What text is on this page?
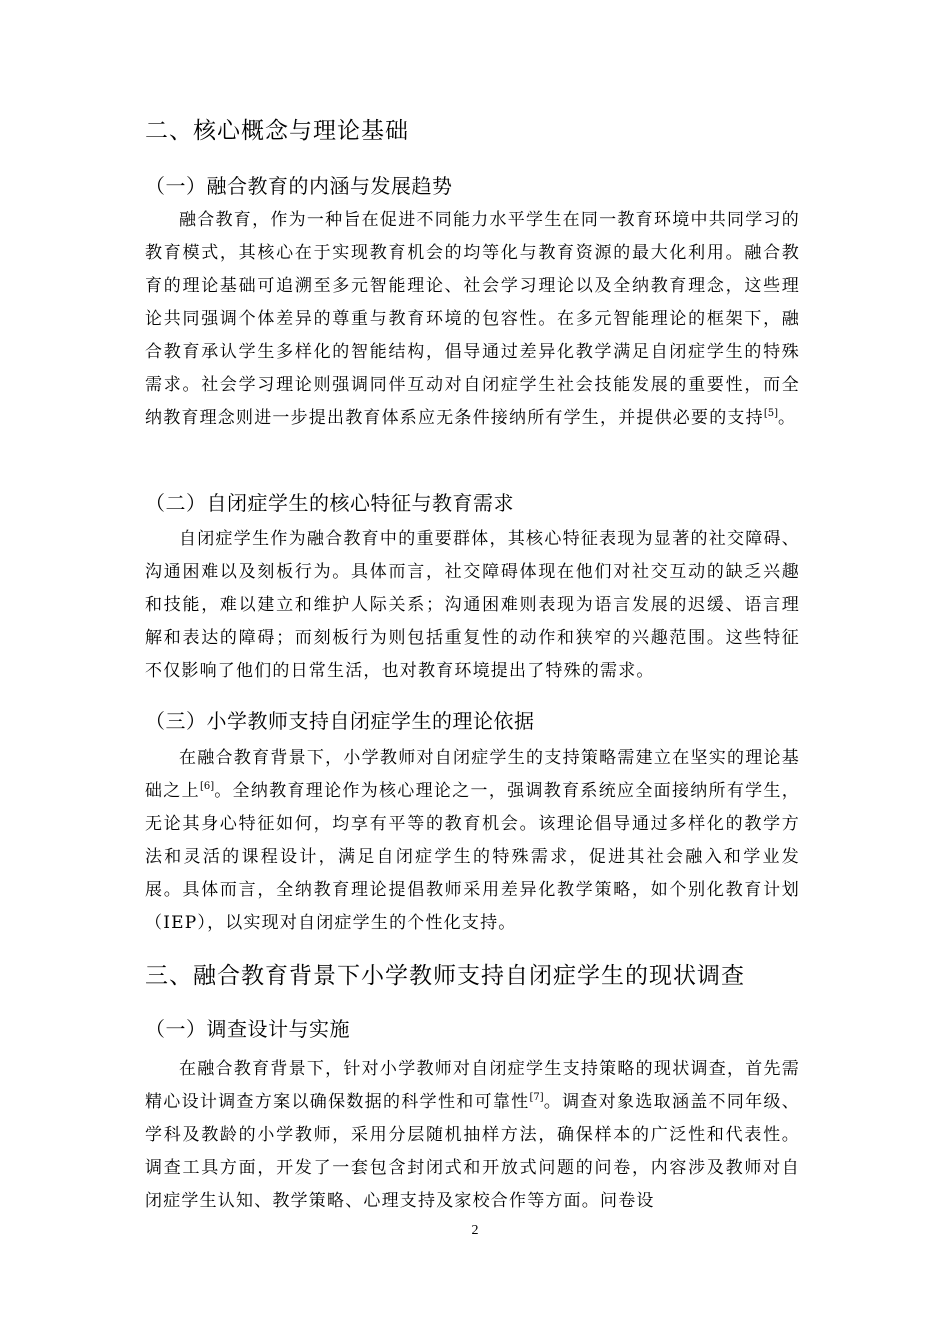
二、核心概念与理论基础
（一）融合教育的内涵与发展趋势
融合教育，作为一种旨在促进不同能力水平学生在同一教育环境中共同学习的教育模式，其核心在于实现教育机会的均等化与教育资源的最大化利用。融合教育的理论基础可追溯至多元智能理论、社会学习理论以及全纳教育理念，这些理论共同强调个体差异的尊重与教育环境的包容性。在多元智能理论的框架下，融合教育承认学生多样化的智能结构，倡导通过差异化教学满足自闭症学生的特殊需求。社会学习理论则强调同伴互动对自闭症学生社会技能发展的重要性，而全纳教育理念则进一步提出教育体系应无条件接纳所有学生，并提供必要的支持[5]。
（二）自闭症学生的核心特征与教育需求
自闭症学生作为融合教育中的重要群体，其核心特征表现为显著的社交障碍、沟通困难以及刻板行为。具体而言，社交障碍体现在他们对社交互动的缺乏兴趣和技能，难以建立和维护人际关系；沟通困难则表现为语言发展的迟缓、语言理解和表达的障碍；而刻板行为则包括重复性的动作和狭窄的兴趣范围。这些特征不仅影响了他们的日常生活，也对教育环境提出了特殊的需求。
（三）小学教师支持自闭症学生的理论依据
在融合教育背景下，小学教师对自闭症学生的支持策略需建立在坚实的理论基础之上[6]。全纳教育理论作为核心理论之一，强调教育系统应全面接纳所有学生，无论其身心特征如何，均享有平等的教育机会。该理论倡导通过多样化的教学方法和灵活的课程设计，满足自闭症学生的特殊需求，促进其社会融入和学业发展。具体而言，全纳教育理论提倡教师采用差异化教学策略，如个别化教育计划（IEP），以实现对自闭症学生的个性化支持。
三、融合教育背景下小学教师支持自闭症学生的现状调查
（一）调查设计与实施
在融合教育背景下，针对小学教师对自闭症学生支持策略的现状调查，首先需精心设计调查方案以确保数据的科学性和可靠性[7]。调查对象选取涵盖不同年级、学科及教龄的小学教师，采用分层随机抽样方法，确保样本的广泛性和代表性。调查工具方面，开发了一套包含封闭式和开放式问题的问卷，内容涉及教师对自闭症学生认知、教学策略、心理支持及家校合作等方面。问卷设
2
